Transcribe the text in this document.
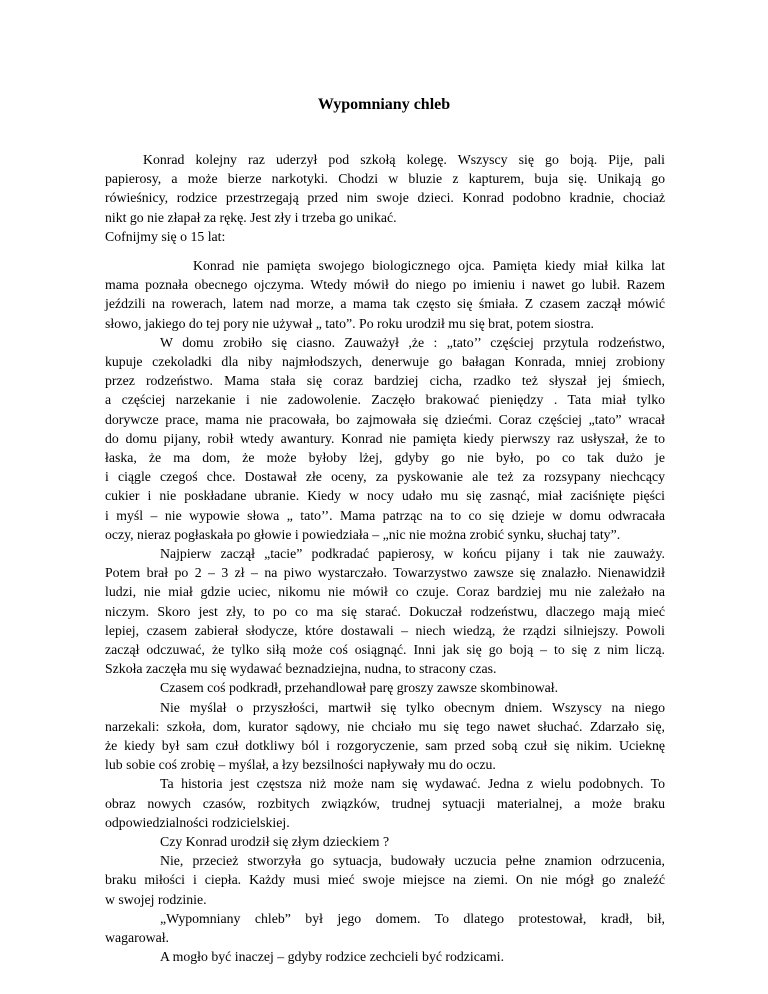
Wypomniany chleb

Konrad kolejny raz uderzył pod szkołą kolegę. Wszyscy się go boją. Pije, pali

papierosy, a może bierze narkotyki. Chodzi w bluzie z kapturem, buja się. Unikają go

rówieśnicy, rodzice przestrzegają przed nim swoje dzieci. Konrad podobno kradnie, chociaż

nikt go nie złapał za rękę. Jest zły i trzeba go unikać.

Cofnijmy się o 15 lat:

Konrad nie pamięta swojego biologicznego ojca. Pamięta kiedy miał kilka lat

mama poznała obecnego ojczyma. Wtedy mówił do niego po imieniu i nawet go lubił. Razem

jeździli na rowerach, latem nad morze, a mama tak często się śmiała. Z czasem zaczął mówić

słowo, jakiego do tej pory nie używał „ tato”. Po roku urodził mu się brat, potem siostra.

W domu zrobiło się ciasno. Zauważył ,że : „tato’’ częściej przytula rodzeństwo,

kupuje czekoladki dla niby najmłodszych, denerwuje go bałagan Konrada, mniej zrobiony

przez rodzeństwo. Mama stała się coraz bardziej cicha, rzadko też słyszał jej śmiech,

a częściej narzekanie i nie zadowolenie. Zaczęło brakować pieniędzy . Tata miał tylko

dorywcze prace, mama nie pracowała, bo zajmowała się dziećmi. Coraz częściej „tato” wracał

do domu pijany, robił wtedy awantury. Konrad nie pamięta kiedy pierwszy raz usłyszał, że to

łaska, że ma dom, że może byłoby lżej, gdyby go nie było, po co tak dużo je

i ciągle czegoś chce. Dostawał złe oceny, za pyskowanie ale też za rozsypany niechcący

cukier i nie poskładane ubranie. Kiedy w nocy udało mu się zasnąć, miał zaciśnięte pięści

i myśl – nie wypowie słowa „ tato’’. Mama patrząc na to co się dzieje w domu odwracała

oczy, nieraz pogłaskała po głowie i powiedziała – „nic nie można zrobić synku, słuchaj taty”.

Najpierw zaczął „tacie” podkradać papierosy, w końcu pijany i tak nie zauważy.

Potem brał po 2 – 3 zł – na piwo wystarczało. Towarzystwo zawsze się znalazło. Nienawidził

ludzi, nie miał gdzie uciec, nikomu nie mówił co czuje. Coraz bardziej mu nie zależało na

niczym. Skoro jest zły, to po co ma się starać. Dokuczał rodzeństwu, dlaczego mają mieć

lepiej, czasem zabierał słodycze, które dostawali – niech wiedzą, że rządzi silniejszy. Powoli

zaczął odczuwać, że tylko siłą może coś osiągnąć. Inni jak się go boją – to się z nim liczą.

Szkoła zaczęła mu się wydawać beznadziejna, nudna, to stracony czas.

Czasem coś podkradł, przehandlował parę groszy zawsze skombinował.

Nie myślał o przyszłości, martwił się tylko obecnym dniem. Wszyscy na niego

narzekali: szkoła, dom, kurator sądowy, nie chciało mu się tego nawet słuchać. Zdarzało się,

że kiedy był sam czuł dotkliwy ból i rozgoryczenie, sam przed sobą czuł się nikim. Ucieknę

lub sobie coś zrobię – myślał, a łzy bezsilności napływały mu do oczu.

Ta historia jest częstsza niż może nam się wydawać. Jedna z wielu podobnych. To

obraz nowych czasów, rozbitych związków, trudnej sytuacji materialnej, a może braku

odpowiedzialności rodzicielskiej.

Czy Konrad urodził się złym dzieckiem ?

Nie, przecież stworzyła go sytuacja, budowały uczucia pełne znamion odrzucenia,

braku miłości i ciepła. Każdy musi mieć swoje miejsce na ziemi. On nie mógł go znaleźć

w swojej rodzinie.

„Wypomniany chleb” był jego domem. To dlatego protestował, kradł, bił,

wagarował.

A mogło być inaczej – gdyby rodzice zechcieli być rodzicami.
